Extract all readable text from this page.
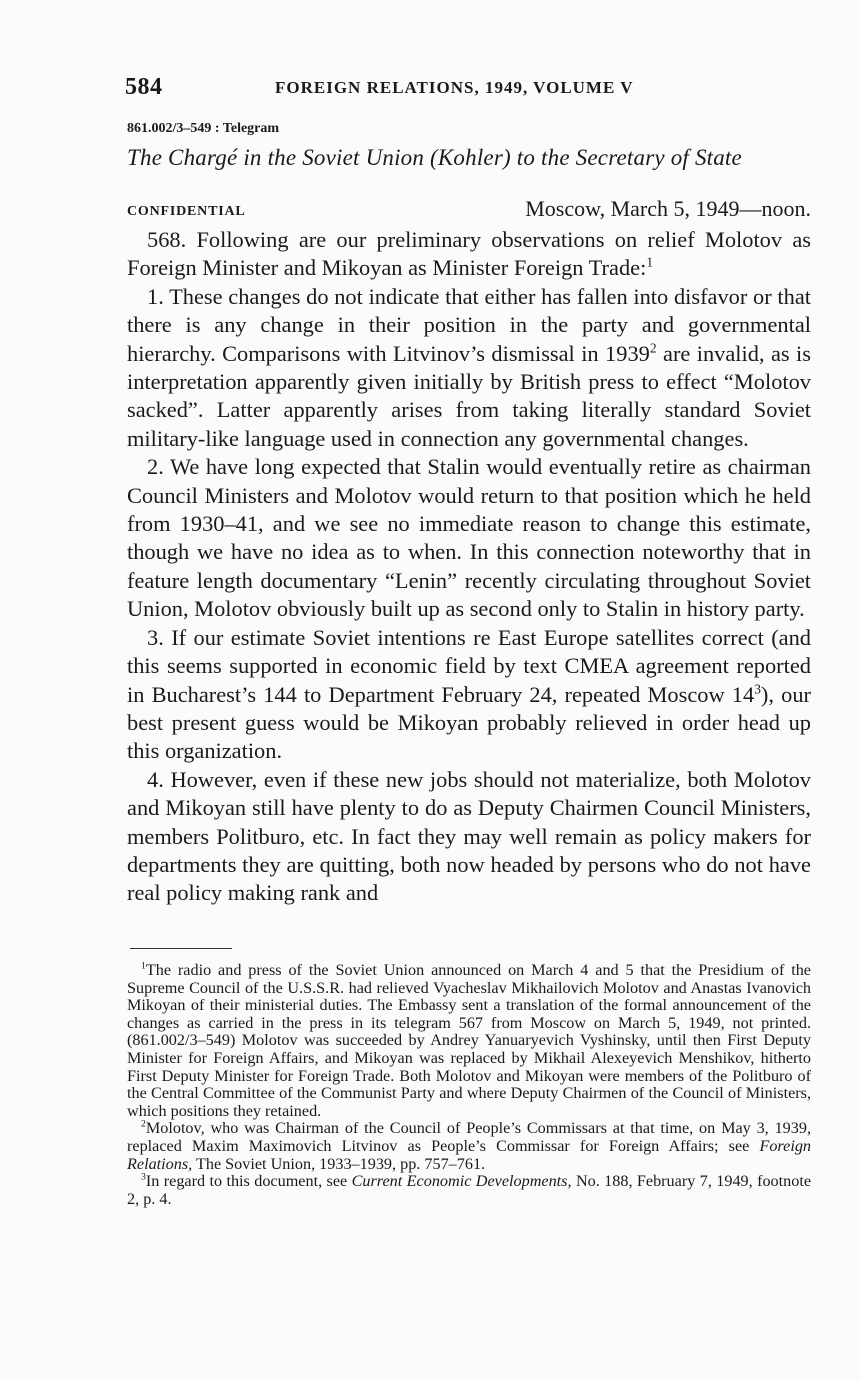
584	FOREIGN RELATIONS, 1949, VOLUME V
861.002/3–549 : Telegram
The Chargé in the Soviet Union (Kohler) to the Secretary of State
CONFIDENTIAL	Moscow, March 5, 1949—noon.

568. Following are our preliminary observations on relief Molotov as Foreign Minister and Mikoyan as Minister Foreign Trade:$^1$

1. These changes do not indicate that either has fallen into disfavor or that there is any change in their position in the party and governmental hierarchy. Comparisons with Litvinov’s dismissal in 1939$^2$ are invalid, as is interpretation apparently given initially by British press to effect “Molotov sacked”. Latter apparently arises from taking literally standard Soviet military-like language used in connection any governmental changes.

2. We have long expected that Stalin would eventually retire as chairman Council Ministers and Molotov would return to that position which he held from 1930–41, and we see no immediate reason to change this estimate, though we have no idea as to when. In this connection noteworthy that in feature length documentary “Lenin” recently circulating throughout Soviet Union, Molotov obviously built up as second only to Stalin in history party.

3. If our estimate Soviet intentions re East Europe satellites correct (and this seems supported in economic field by text CMEA agreement reported in Bucharest’s 144 to Department February 24, repeated Moscow $14^3$), our best present guess would be Mikoyan probably relieved in order head up this organization.

4. However, even if these new jobs should not materialize, both Molotov and Mikoyan still have plenty to do as Deputy Chairmen Council Ministers, members Politburo, etc. In fact they may well remain as policy makers for departments they are quitting, both now headed by persons who do not have real policy making rank and

$^1$The radio and press of the Soviet Union announced on March 4 and 5 that the Presidium of the Supreme Council of the U.S.S.R. had relieved Vyacheslav Mikhailovich Molotov and Anastas Ivanovich Mikoyan of their ministerial duties. The Embassy sent a translation of the formal announcement of the changes as carried in the press in its telegram 567 from Moscow on March 5, 1949, not printed. (861.002/3–549) Molotov was succeeded by Andrey Yanuaryevich Vyshinsky, until then First Deputy Minister for Foreign Affairs, and Mikoyan was replaced by Mikhail Alexeyevich Menshikov, hitherto First Deputy Minister for Foreign Trade. Both Molotov and Mikoyan were members of the Politburo of the Central Committee of the Communist Party and where Deputy Chairmen of the Council of Ministers, which positions they retained.

$^2$Molotov, who was Chairman of the Council of People’s Commissars at that time, on May 3, 1939, replaced Maxim Maximovich Litvinov as People’s Commissar for Foreign Affairs; see Foreign Relations, The Soviet Union, 1933–1939, pp. 757–761.

$^3$In regard to this document, see Current Economic Developments, No. 188, February 7, 1949, footnote 2, p. 4.
